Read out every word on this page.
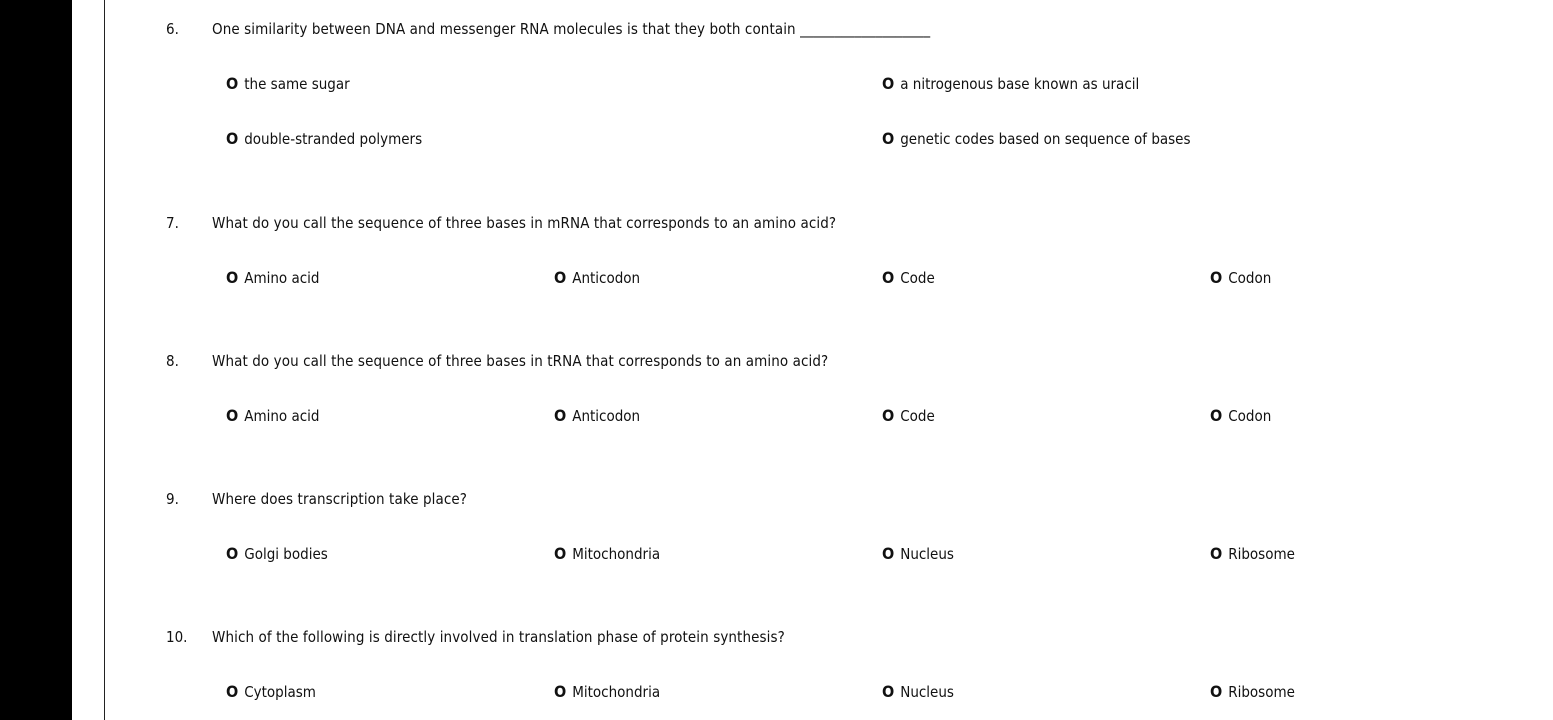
6. One similarity between DNA and messenger RNA molecules is that they both contain ___________________
O the same sugar	O a nitrogenous base known as uracil
O double-stranded polymers	O genetic codes based on sequence of bases
7. What do you call the sequence of three bases in mRNA that corresponds to an amino acid?
O Amino acid	O Anticodon	O Code	O Codon
8. What do you call the sequence of three bases in tRNA that corresponds to an amino acid?
O Amino acid	O Anticodon	O Code	O Codon
9. Where does transcription take place?
O Golgi bodies	O Mitochondria	O Nucleus	O Ribosome
10. Which of the following is directly involved in translation phase of protein synthesis?
O Cytoplasm	O Mitochondria	O Nucleus	O Ribosome
